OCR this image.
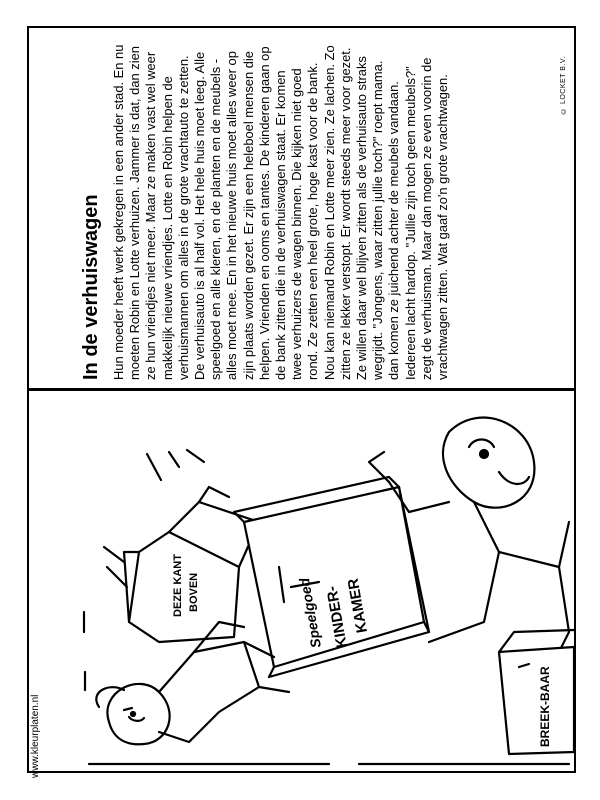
© LOCKET B.V.
In de verhuiswagen Hun moeder heeft werk gekregen in een ander stad. En nu moeten Robin en Lotte verhuizen. Jammer is dat, dan zien ze hun vriendjes niet meer. Maar ze maken vast wel weer makkelijk nieuwe vriendjes. Lotte en Robin helpen de verhuismannen om alles in de grote vrachtauto te zetten. De verhuisauto is al half vol. Het hele huis moet leeg. Alle speelgoed en alle kleren, en de planten en de meubels - alles moet mee. En in het nieuwe huis moet alles weer op zijn plaats worden gezet. Er zijn een heleboel mensen die helpen. Vrienden en ooms en tantes. De kinderen gaan op de bank zitten die in de verhuiswagen staat. Er komen twee verhuizers de wagen binnen. Die kijken niet goed rond. Ze zetten een heel grote, hoge kast voor de bank. Nou kan niemand Robin en Lotte meer zien. Ze lachen. Zo zitten ze lekker verstopt. Er wordt steeds meer voor gezet. Ze willen daar wel blijven zitten als de verhuisauto straks wegrijdt. "Jongens, waar zitten jullie toch?" roept mama. dan komen ze juichend achter de meubels vandaan. Iedereen lacht hardop. "Jullie zijn toch geen meubels?" zegt de verhuisman. Maar dan mogen ze even voorin de vrachtwagen zitten. Wat gaaf zo'n grote vrachtwagen.
DEZE KANT BOVEN	Speelgoed KINDER-
KAMER
BREEK-BAAR
www.kleurplaten.nl
